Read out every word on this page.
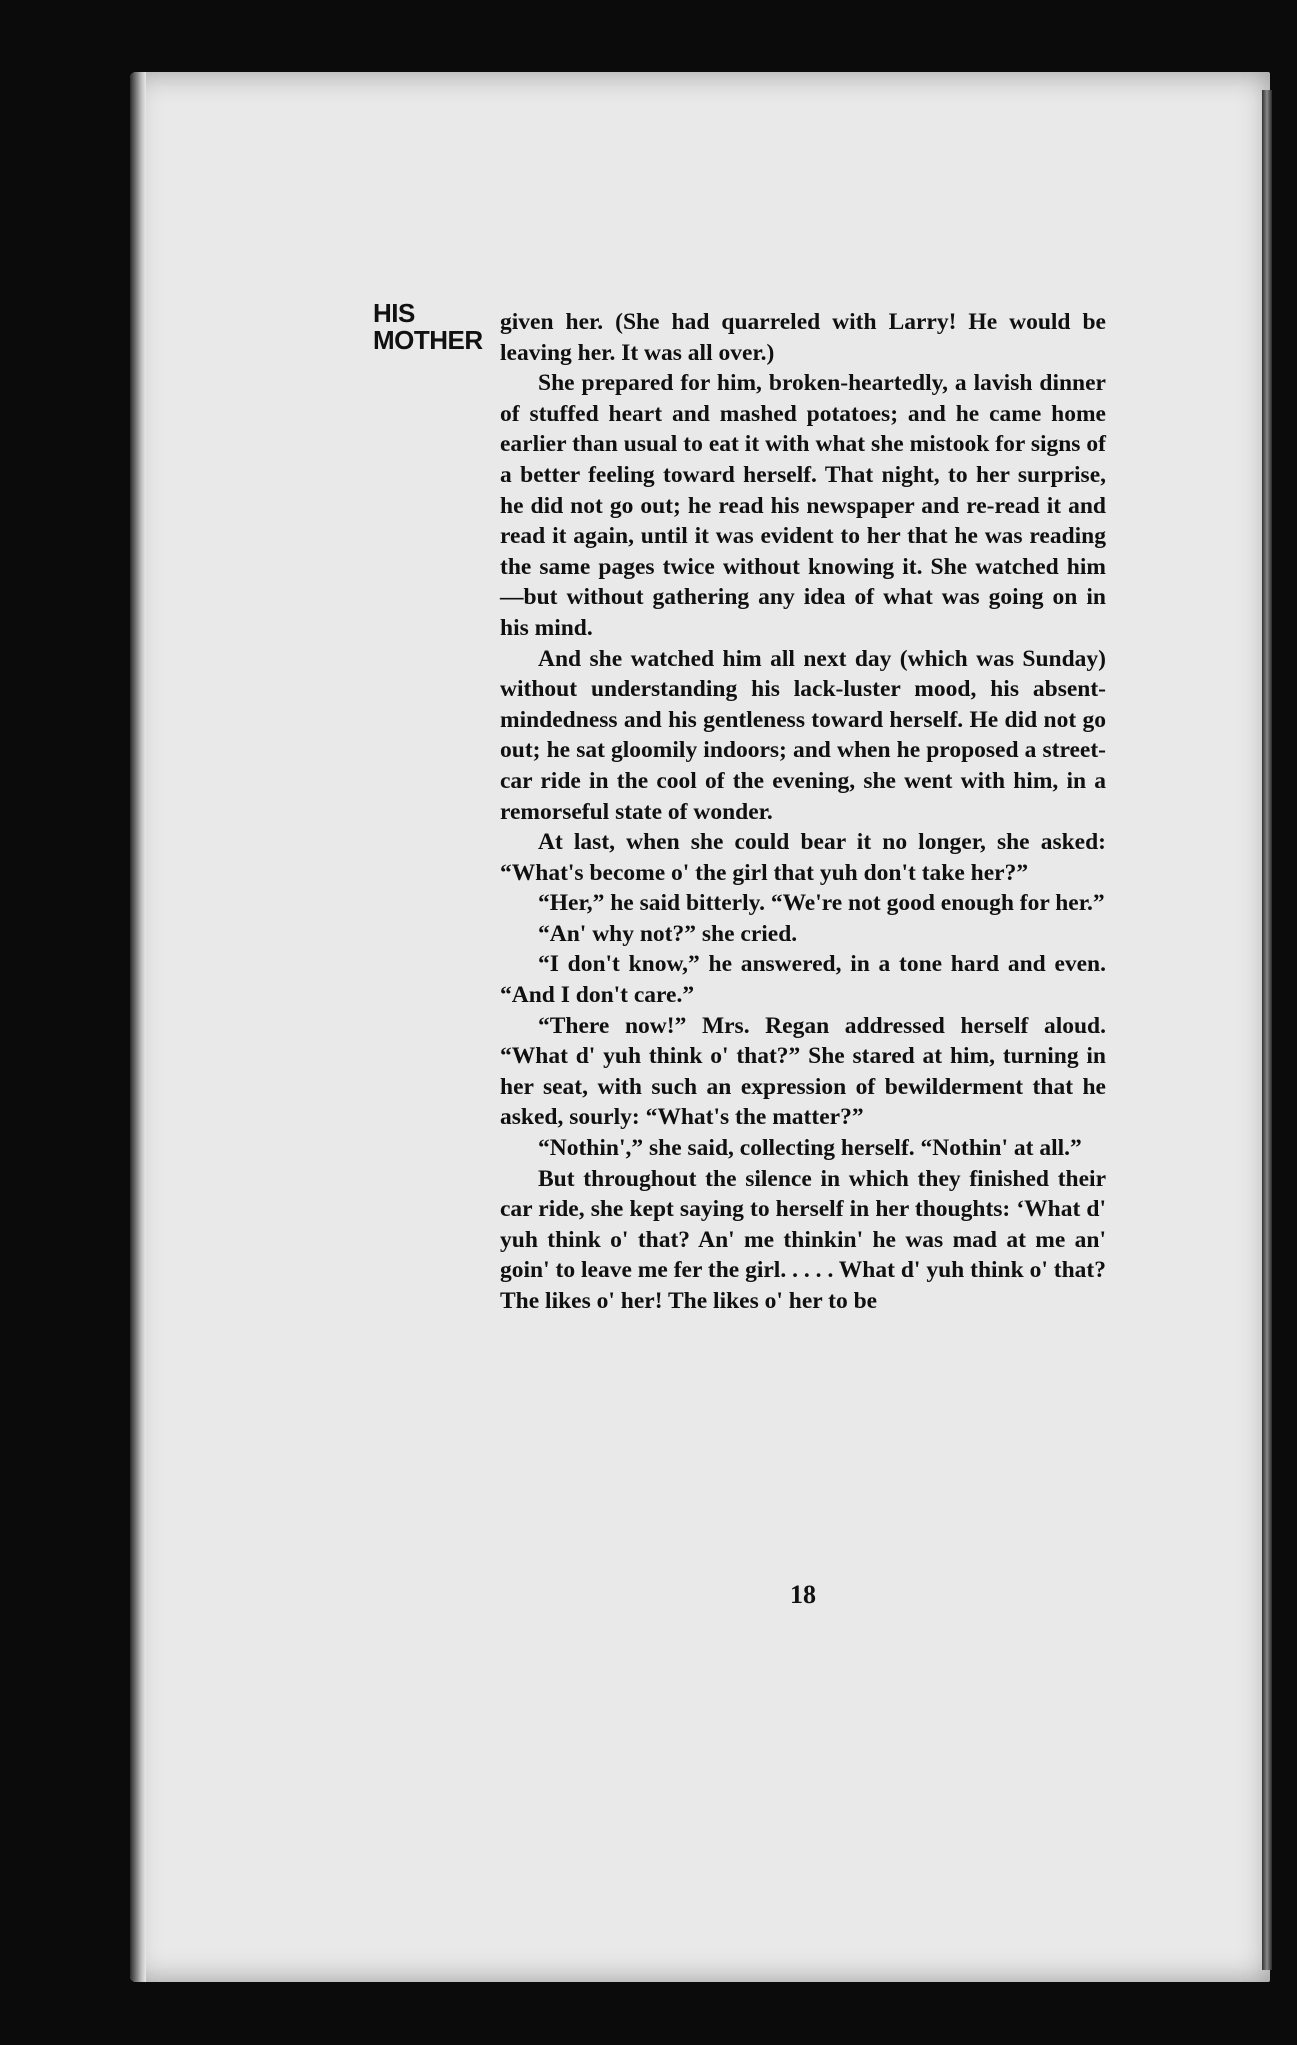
HIS
MOTHER

given her. (She had quarreled with Larry! He would be leaving her. It was all over.)

She prepared for him, broken-heartedly, a lavish dinner of stuffed heart and mashed potatoes; and he came home earlier than usual to eat it with what she mistook for signs of a better feeling toward herself. That night, to her surprise, he did not go out; he read his newspaper and re-read it and read it again, until it was evident to her that he was reading the same pages twice without knowing it. She watched him—but without gathering any idea of what was going on in his mind.

And she watched him all next day (which was Sunday) without understanding his lack-luster mood, his absent-mindedness and his gentleness toward herself. He did not go out; he sat gloomily indoors; and when he proposed a street-car ride in the cool of the evening, she went with him, in a remorseful state of wonder.

At last, when she could bear it no longer, she asked: “What's become o' the girl that yuh don't take her?”

“Her,” he said bitterly. “We're not good enough for her.”

“An' why not?” she cried.

“I don't know,” he answered, in a tone hard and even. “And I don't care.”

“There now!” Mrs. Regan addressed herself aloud. “What d' yuh think o' that?” She stared at him, turning in her seat, with such an expression of bewilderment that he asked, sourly: “What's the matter?”

“Nothin',” she said, collecting herself. “Nothin' at all.”

But throughout the silence in which they finished their car ride, she kept saying to herself in her thoughts: ‘What d' yuh think o' that? An' me thinkin' he was mad at me an' goin' to leave me fer the girl. . . . . What d' yuh think o' that? The likes o' her! The likes o' her to be

18
